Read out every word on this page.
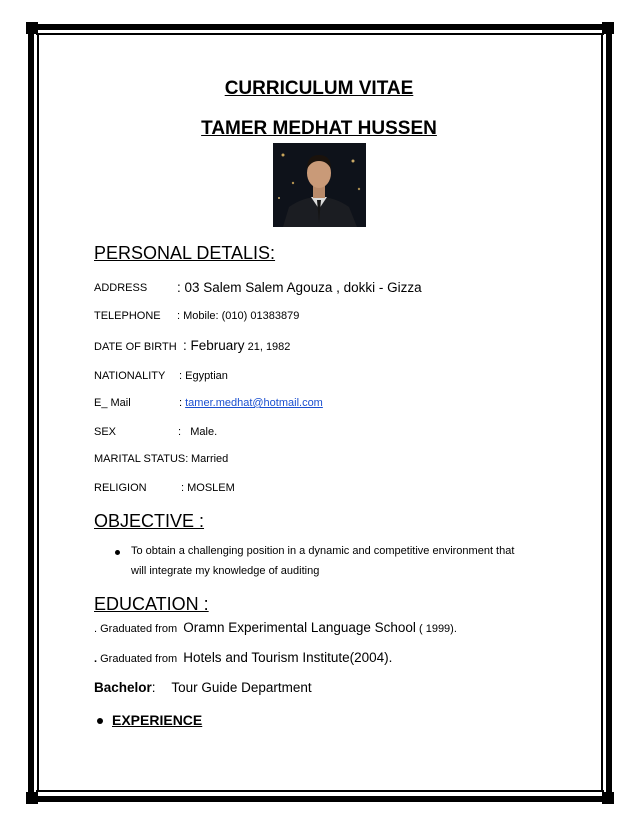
CURRICULUM VITAE
TAMER MEDHAT HUSSEN
PERSONAL DETALIS:
ADDRESS : 03 Salem Salem Agouza , dokki - Gizza
TELEPHONE : Mobile: (010) 01383879
DATE OF BIRTH : February 21, 1982
NATIONALITY : Egyptian
E_ Mail	: tamer.medhat@hotmail.com
SEX	:   Male.
MARITAL STATUS: Married
RELIGION	: MOSLEM
OBJECTIVE :
To obtain a challenging position in a dynamic and competitive environment that
will integrate my knowledge of auditing
EDUCATION :
. Graduated from Oramn Experimental Language School ( 1999).
. Graduated from Hotels and Tourism Institute(2004).
Bachelor: Tour Guide Department
EXPERIENCE
